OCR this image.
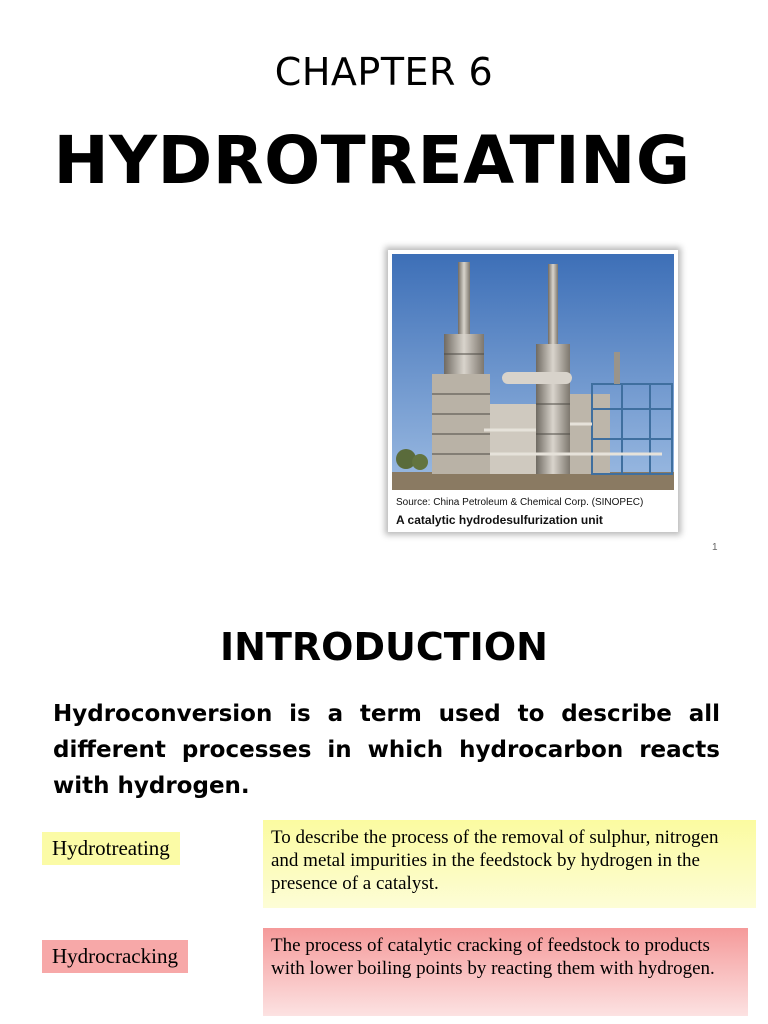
CHAPTER 6
HYDROTREATING
Source: China Petroleum & Chemical Corp. (SINOPEC)
A catalytic hydrodesulfurization unit
1
INTRODUCTION
Hydroconversion is a term used to describe all different processes in which hydrocarbon reacts with hydrogen.
Hydrotreating	To describe the process of the removal of sulphur, nitrogen and metal impurities in the feedstock by hydrogen in the presence of a catalyst.
Hydrocracking	The process of catalytic cracking of feedstock to products with lower boiling points by reacting them with hydrogen.
